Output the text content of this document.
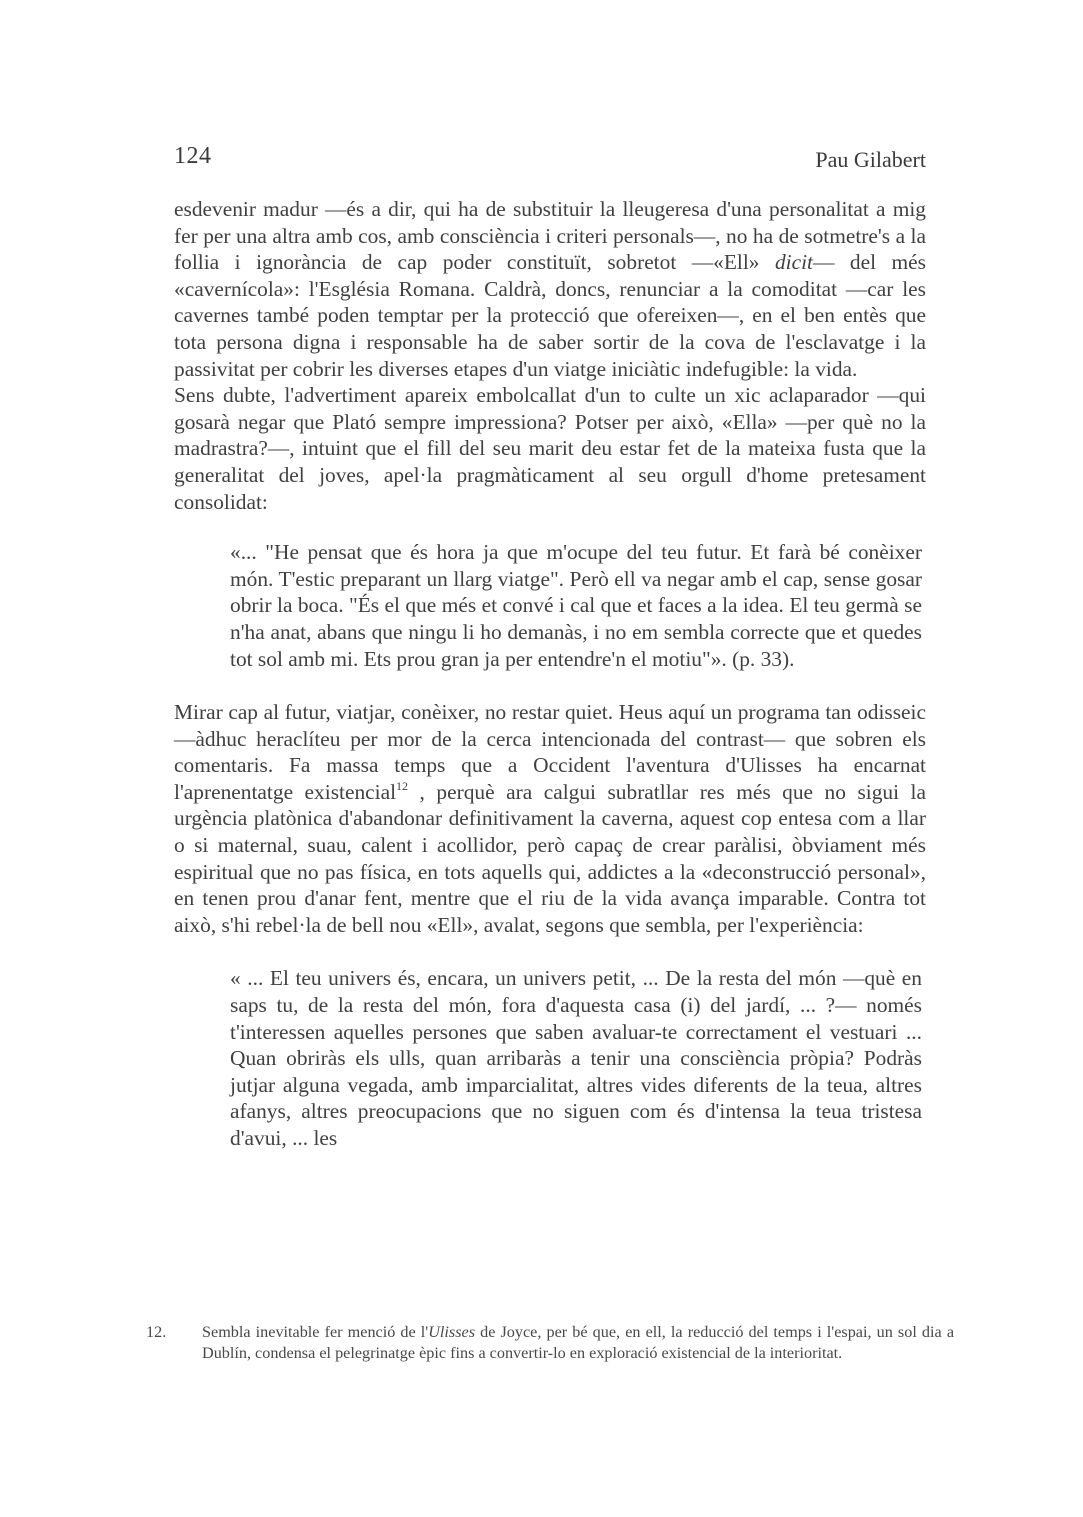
124	Pau Gilabert

esdevenir madur —és a dir, qui ha de substituir la lleugeresa d'una personalitat a mig fer per una altra amb cos, amb consciència i criteri personals—, no ha de sotmetre's a la follia i ignorància de cap poder constituït, sobretot —«Ell» dicit— del més «cavernícola»: l'Església Romana. Caldrà, doncs, renunciar a la comoditat —car les cavernes també poden temptar per la protecció que ofereixen—, en el ben entès que tota persona digna i responsable ha de saber sortir de la cova de l'esclavatge i la passivitat per cobrir les diverses etapes d'un viatge iniciàtic indefugible: la vida.

Sens dubte, l'advertiment apareix embolcallat d'un to culte un xic aclaparador —qui gosarà negar que Plató sempre impressiona? Potser per això, «Ella» —per què no la madrastra?—, intuint que el fill del seu marit deu estar fet de la mateixa fusta que la generalitat del joves, apel·la pragmàticament al seu orgull d'home pretesament consolidat:

«... "He pensat que és hora ja que m'ocupe del teu futur. Et farà bé conèixer món. T'estic preparant un llarg viatge". Però ell va negar amb el cap, sense gosar obrir la boca. "És el que més et convé i cal que et faces a la idea. El teu germà se n'ha anat, abans que ningu li ho demanàs, i no em sembla correcte que et quedes tot sol amb mi. Ets prou gran ja per entendre'n el motiu"». (p. 33).

Mirar cap al futur, viatjar, conèixer, no restar quiet. Heus aquí un programa tan odisseic —àdhuc heraclíteu per mor de la cerca intencionada del contrast— que sobren els comentaris. Fa massa temps que a Occident l'aventura d'Ulisses ha encarnat l'aprenentatge existencial$^{12}$ , perquè ara calgui subratllar res més que no sigui la urgència platònica d'abandonar definitivament la caverna, aquest cop entesa com a llar o si maternal, suau, calent i acollidor, però capaç de crear paràlisi, òbviament més espiritual que no pas física, en tots aquells qui, addictes a la «deconstrucció personal», en tenen prou d'anar fent, mentre que el riu de la vida avança imparable. Contra tot això, s'hi rebel·la de bell nou «Ell», avalat, segons que sembla, per l'experiència:

« ... El teu univers és, encara, un univers petit, ... De la resta del món —què en saps tu, de la resta del món, fora d'aquesta casa (i) del jardí, ... ?— només t'interessen aquelles persones que saben avaluar-te correctament el vestuari ... Quan obriràs els ulls, quan arribaràs a tenir una consciència pròpia? Podràs jutjar alguna vegada, amb imparcialitat, altres vides diferents de la teua, altres afanys, altres preocupacions que no siguen com és d'intensa la teua tristesa d'avui, ... les

12. Sembla inevitable fer menció de l'Ulisses de Joyce, per bé que, en ell, la reducció del temps i l'espai, un sol dia a Dublín, condensa el pelegrinatge èpic fins a convertir-lo en exploració existencial de la interioritat.
